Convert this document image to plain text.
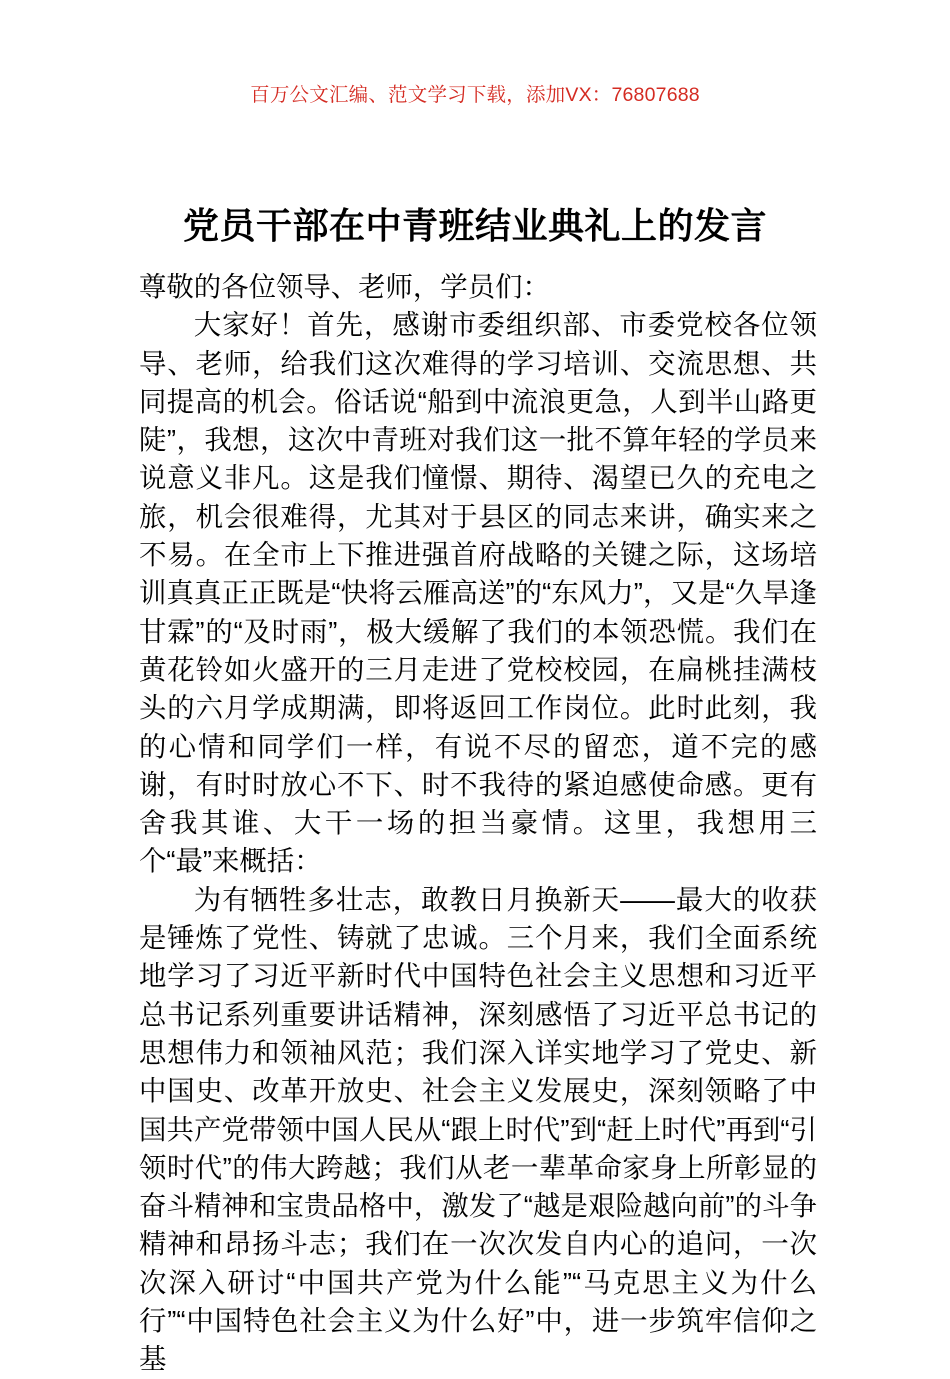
百万公文汇编、范文学习下载，添加VX：76807688
党员干部在中青班结业典礼上的发言

尊敬的各位领导、老师，学员们：

大家好！首先，感谢市委组织部、市委党校各位领导、老师，给我们这次难得的学习培训、交流思想、共同提高的机会。俗话说“船到中流浪更急，人到半山路更陡”，我想，这次中青班对我们这一批不算年轻的学员来说意义非凡。这是我们憧憬、期待、渴望已久的充电之旅，机会很难得，尤其对于县区的同志来讲，确实来之不易。在全市上下推进强首府战略的关键之际，这场培训真真正正既是“快将云雁高送”的“东风力”，又是“久旱逢甘霖”的“及时雨”，极大缓解了我们的本领恐慌。我们在黄花铃如火盛开的三月走进了党校校园，在扁桃挂满枝头的六月学成期满，即将返回工作岗位。此时此刻，我的心情和同学们一样，有说不尽的留恋，道不完的感谢，有时时放心不下、时不我待的紧迫感使命感。更有舍我其谁、大干一场的担当豪情。这里，我想用三个“最”来概括：

为有牺牲多壮志，敢教日月换新天——最大的收获是锤炼了党性、铸就了忠诚。三个月来，我们全面系统地学习了习近平新时代中国特色社会主义思想和习近平总书记系列重要讲话精神，深刻感悟了习近平总书记的思想伟力和领袖风范；我们深入详实地学习了党史、新中国史、改革开放史、社会主义发展史，深刻领略了中国共产党带领中国人民从“跟上时代”到“赶上时代”再到“引领时代”的伟大跨越；我们从老一辈革命家身上所彰显的奋斗精神和宝贵品格中，激发了“越是艰险越向前”的斗争精神和昂扬斗志；我们在一次次发自内心的追问，一次次深入研讨“中国共产党为什么能”“马克思主义为什么行”“中国特色社会主义为什么好”中，进一步筑牢信仰之基
